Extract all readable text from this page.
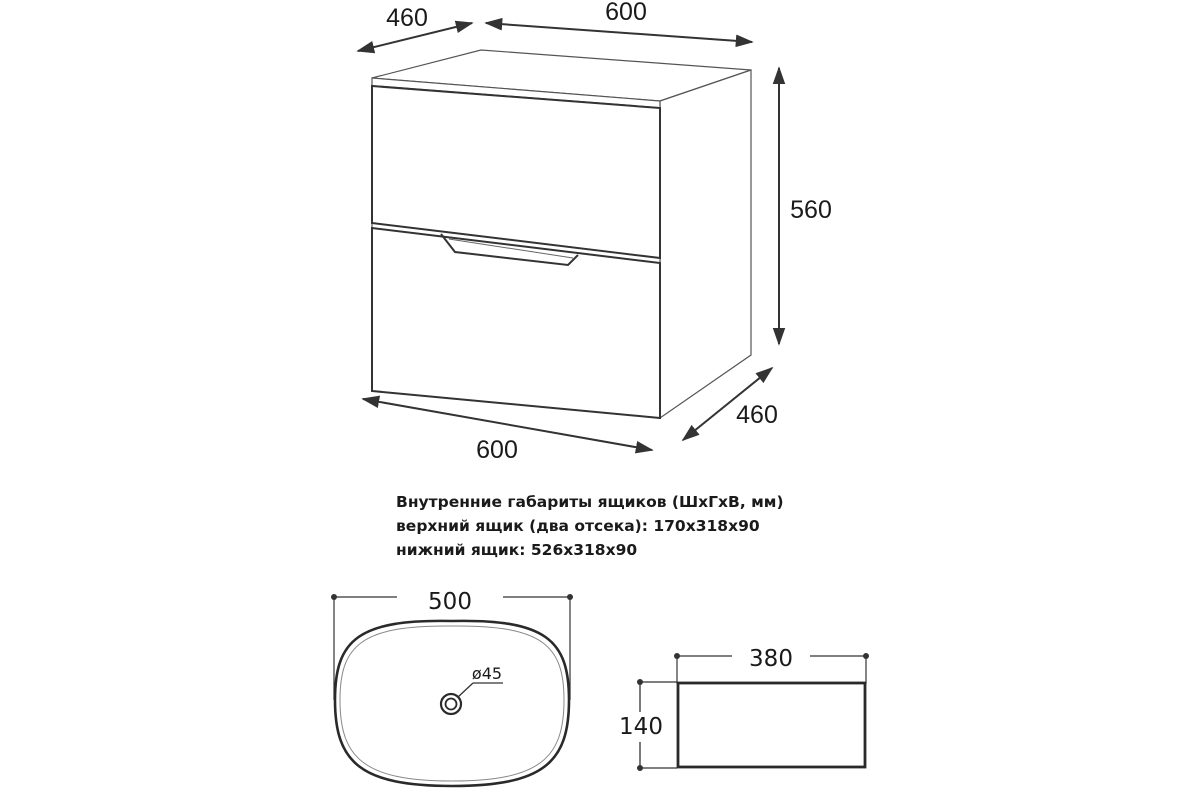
460	600
560
460
600
500
ø45
380
140
Внутренние габариты ящиков (ШхГхВ, мм)
верхний ящик (два отсека): 170x318x90
нижний ящик: 526x318x90
